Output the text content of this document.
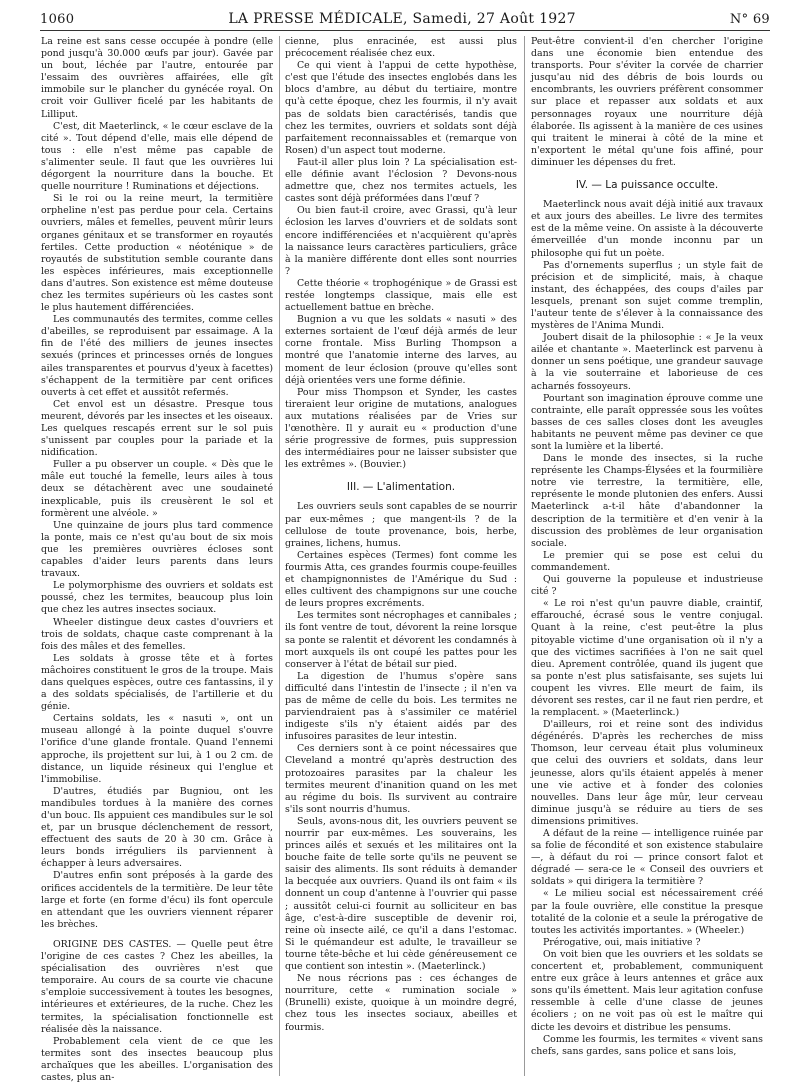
1060	LA PRESSE MÉDICALE, Samedi, 27 Août 1927	N° 69

La reine est sans cesse occupée à pondre (elle pond jusqu'à 30.000 œufs par jour). Gavée par un bout, léchée par l'autre, entourée par l'essaim des ouvrières affairées, elle gît immobile sur le plancher du gynécée royal. On croit voir Gulliver ficelé par les habitants de Lilliput.

C'est, dit Maeterlinck, « le cœur esclave de la cité ». Tout dépend d'elle, mais elle dépend de tous : elle n'est même pas capable de s'alimenter seule. Il faut que les ouvrières lui dégorgent la nourriture dans la bouche. Et quelle nourriture ! Ruminations et déjections.

Si le roi ou la reine meurt, la termitière orpheline n'est pas perdue pour cela. Certains ouvriers, mâles et femelles, peuvent mûrir leurs organes génitaux et se transformer en royautés fertiles. Cette production « néoténique » de royautés de substitution semble courante dans les espèces inférieures, mais exceptionnelle dans d'autres. Son existence est même douteuse chez les termites supérieurs où les castes sont le plus hautement différenciées.

Les communautés des termites, comme celles d'abeilles, se reproduisent par essaimage. A la fin de l'été des milliers de jeunes insectes sexués (princes et princesses ornés de longues ailes transparentes et pourvus d'yeux à facettes) s'échappent de la termitière par cent orifices ouverts à cet effet et aussitôt refermés.

Cet envol est un désastre. Presque tous meurent, dévorés par les insectes et les oiseaux. Les quelques rescapés errent sur le sol puis s'unissent par couples pour la pariade et la nidification.

Fuller a pu observer un couple. « Dès que le mâle eut touché la femelle, leurs ailes à tous deux se détachèrent avec une soudaineté inexplicable, puis ils creusèrent le sol et formèrent une alvéole. »

Une quinzaine de jours plus tard commence la ponte, mais ce n'est qu'au bout de six mois que les premières ouvrières écloses sont capables d'aider leurs parents dans leurs travaux.

Le polymorphisme des ouvriers et soldats est poussé, chez les termites, beaucoup plus loin que chez les autres insectes sociaux.

Wheeler distingue deux castes d'ouvriers et trois de soldats, chaque caste comprenant à la fois des mâles et des femelles.

Les soldats à grosse tête et à fortes mâchoires constituent le gros de la troupe. Mais dans quelques espèces, outre ces fantassins, il y a des soldats spécialisés, de l'artillerie et du génie.

Certains soldats, les « nasuti », ont un museau allongé à la pointe duquel s'ouvre l'orifice d'une glande frontale. Quand l'ennemi approche, ils projettent sur lui, à 1 ou 2 cm. de distance, un liquide résineux qui l'englue et l'immobilise.

D'autres, étudiés par Bugniou, ont les mandibules tordues à la manière des cornes d'un bouc. Ils appuient ces mandibules sur le sol et, par un brusque déclenchement de ressort, effectuent des sauts de 20 à 30 cm. Grâce à leurs bonds irréguliers ils parviennent à échapper à leurs adversaires.

D'autres enfin sont préposés à la garde des orifices accidentels de la termitière. De leur tête large et forte (en forme d'écu) ils font opercule en attendant que les ouvriers viennent réparer les brèches.

ORIGINE DES CASTES. — Quelle peut être l'origine de ces castes ? Chez les abeilles, la spécialisation des ouvrières n'est que temporaire. Au cours de sa courte vie chacune s'emploie successivement à toutes les besognes, intérieures et extérieures, de la ruche. Chez les termites, la spécialisation fonctionnelle est réalisée dès la naissance.

Probablement cela vient de ce que les termites sont des insectes beaucoup plus archaïques que les abeilles. L'organisation des castes, plus an-

cienne, plus enracinée, est aussi plus précocement réalisée chez eux.

Ce qui vient à l'appui de cette hypothèse, c'est que l'étude des insectes englobés dans les blocs d'ambre, au début du tertiaire, montre qu'à cette époque, chez les fourmis, il n'y avait pas de soldats bien caractérisés, tandis que chez les termites, ouvriers et soldats sont déjà parfaitement reconnaissables et (remarque von Rosen) d'un aspect tout moderne.

Faut-il aller plus loin ? La spécialisation est-elle définie avant l'éclosion ? Devons-nous admettre que, chez nos termites actuels, les castes sont déjà préformées dans l'œuf ?

Ou bien faut-il croire, avec Grassi, qu'à leur éclosion les larves d'ouvriers et de soldats sont encore indifférenciées et n'acquièrent qu'après la naissance leurs caractères particuliers, grâce à la manière différente dont elles sont nourries ?

Cette théorie « trophogénique » de Grassi est restée longtemps classique, mais elle est actuellement battue en brèche.

Bugnion a vu que les soldats « nasuti » des externes sortaient de l'œuf déjà armés de leur corne frontale. Miss Burling Thompson a montré que l'anatomie interne des larves, au moment de leur éclosion (prouve qu'elles sont déjà orientées vers une forme définie.

Pour miss Thompson et Synder, les castes tireraient leur origine de mutations, analogues aux mutations réalisées par de Vries sur l'œnothère. Il y aurait eu « production d'une série progressive de formes, puis suppression des intermédiaires pour ne laisser subsister que les extrêmes ». (Bouvier.)

III. — L'alimentation.

Les ouvriers seuls sont capables de se nourrir par eux-mêmes ; que mangent-ils ? de la cellulose de toute provenance, bois, herbe, graines, lichens, humus.

Certaines espèces (Termes) font comme les fourmis Atta, ces grandes fourmis coupe-feuilles et champignonnistes de l'Amérique du Sud : elles cultivent des champignons sur une couche de leurs propres excréments.

Les termites sont nécrophages et cannibales ; ils font ventre de tout, dévorent la reine lorsque sa ponte se ralentit et dévorent les condamnés à mort auxquels ils ont coupé les pattes pour les conserver à l'état de bétail sur pied.

La digestion de l'humus s'opère sans difficulté dans l'intestin de l'insecte ; il n'en va pas de même de celle du bois. Les termites ne parviendraient pas à s'assimiler ce matériel indigeste s'ils n'y étaient aidés par des infusoires parasites de leur intestin.

Ces derniers sont à ce point nécessaires que Cleveland a montré qu'après destruction des protozoaires parasites par la chaleur les termites meurent d'inanition quand on les met au régime du bois. Ils survivent au contraire s'ils sont nourris d'humus.

Seuls, avons-nous dit, les ouvriers peuvent se nourrir par eux-mêmes. Les souverains, les princes ailés et sexués et les militaires ont la bouche faite de telle sorte qu'ils ne peuvent se saisir des aliments. Ils sont réduits à demander la becquée aux ouvriers. Quand ils ont faim « ils donnent un coup d'antenne à l'ouvrier qui passe ; aussitôt celui-ci fournit au solliciteur en bas âge, c'est-à-dire susceptible de devenir roi, reine où insecte ailé, ce qu'il a dans l'estomac. Si le quémandeur est adulte, le travailleur se tourne tête-bêche et lui cède généreusement ce que contient son intestin ». (Maeterlinck.)

Ne nous récrions pas : ces échanges de nourriture, cette « rumination sociale » (Brunelli) existe, quoique à un moindre degré, chez tous les insectes sociaux, abeilles et fourmis.

Peut-être convient-il d'en chercher l'origine dans une économie bien entendue des transports. Pour s'éviter la corvée de charrier jusqu'au nid des débris de bois lourds ou encombrants, les ouvriers préfèrent consommer sur place et repasser aux soldats et aux personnages royaux une nourriture déjà élaborée. Ils agissent à la manière de ces usines qui traitent le minerai à côté de la mine et n'exportent le métal qu'une fois affiné, pour diminuer les dépenses du fret.

IV. — La puissance occulte.

Maeterlinck nous avait déjà initié aux travaux et aux jours des abeilles. Le livre des termites est de la même veine. On assiste à la découverte émerveillée d'un monde inconnu par un philosophe qui fut un poète.

Pas d'ornements superflus ; un style fait de précision et de simplicité, mais, à chaque instant, des échappées, des coups d'ailes par lesquels, prenant son sujet comme tremplin, l'auteur tente de s'élever à la connaissance des mystères de l'Anima Mundi.

Joubert disait de la philosophie : « Je la veux ailée et chantante ». Maeterlinck est parvenu à donner un sens poétique, une grandeur sauvage à la vie souterraine et laborieuse de ces acharnés fossoyeurs.

Pourtant son imagination éprouve comme une contrainte, elle paraît oppressée sous les voûtes basses de ces salles closes dont les aveugles habitants ne peuvent même pas deviner ce que sont la lumière et la liberté.

Dans le monde des insectes, si la ruche représente les Champs-Élysées et la fourmilière notre vie terrestre, la termitière, elle, représente le monde plutonien des enfers. Aussi Maeterlinck a-t-il hâte d'abandonner la description de la termitière et d'en venir à la discussion des problèmes de leur organisation sociale.

Le premier qui se pose est celui du commandement.

Qui gouverne la populeuse et industrieuse cité ?

« Le roi n'est qu'un pauvre diable, craintif, effarouché, écrasé sous le ventre conjugal. Quant à la reine, c'est peut-être la plus pitoyable victime d'une organisation où il n'y a que des victimes sacrifiées à l'on ne sait quel dieu. Aprement contrôlée, quand ils jugent que sa ponte n'est plus satisfaisante, ses sujets lui coupent les vivres. Elle meurt de faim, ils dévorent ses restes, car il ne faut rien perdre, et la remplacent. » (Maeterlinck.)

D'ailleurs, roi et reine sont des individus dégénérés. D'après les recherches de miss Thomson, leur cerveau était plus volumineux que celui des ouvriers et soldats, dans leur jeunesse, alors qu'ils étaient appelés à mener une vie active et à fonder des colonies nouvelles. Dans leur âge mûr, leur cerveau diminue jusqu'à se réduire au tiers de ses dimensions primitives.

A défaut de la reine — intelligence ruinée par sa folie de fécondité et son existence stabulaire —, à défaut du roi — prince consort falot et dégradé — sera-ce le « Conseil des ouvriers et soldats » qui dirigera la termitière ?

« Le milieu social est nécessairement créé par la foule ouvrière, elle constitue la presque totalité de la colonie et a seule la prérogative de toutes les activités importantes. » (Wheeler.)

Prérogative, oui, mais initiative ?

On voit bien que les ouvriers et les soldats se concertent et, probablement, communiquent entre eux grâce à leurs antennes et grâce aux sons qu'ils émettent. Mais leur agitation confuse ressemble à celle d'une classe de jeunes écoliers ; on ne voit pas où est le maître qui dicte les devoirs et distribue les pensums.

Comme les fourmis, les termites « vivent sans chefs, sans gardes, sans police et sans lois,
